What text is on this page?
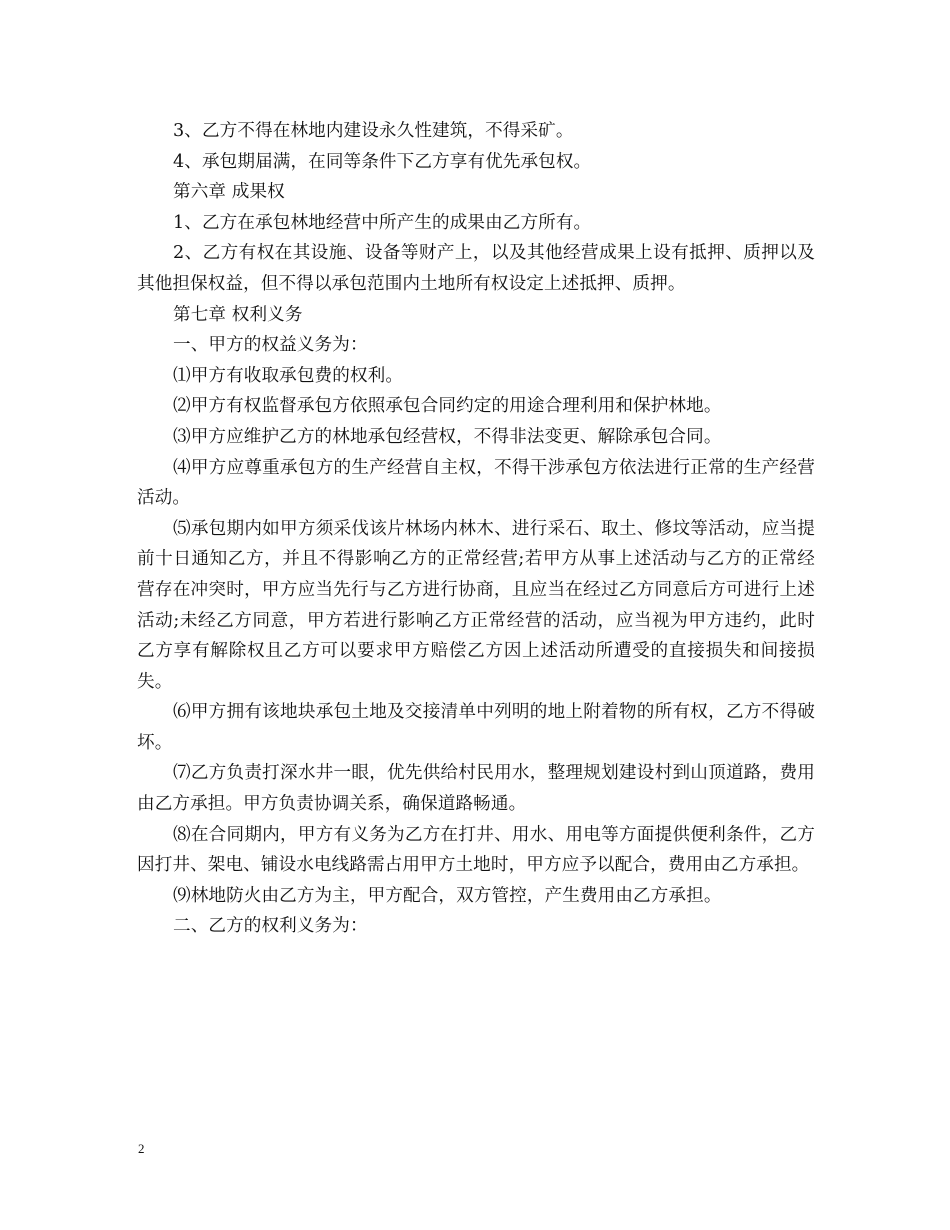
3、乙方不得在林地内建设永久性建筑，不得采矿。

4、承包期届满，在同等条件下乙方享有优先承包权。

第六章 成果权

1、乙方在承包林地经营中所产生的成果由乙方所有。

2、乙方有权在其设施、设备等财产上，以及其他经营成果上设有抵押、质押以及其他担保权益，但不得以承包范围内土地所有权设定上述抵押、质押。

第七章 权利义务

一、甲方的权益义务为：

⑴甲方有收取承包费的权利。

⑵甲方有权监督承包方依照承包合同约定的用途合理利用和保护林地。

⑶甲方应维护乙方的林地承包经营权，不得非法变更、解除承包合同。

⑷甲方应尊重承包方的生产经营自主权，不得干涉承包方依法进行正常的生产经营活动。

⑸承包期内如甲方须采伐该片林场内林木、进行采石、取土、修坟等活动，应当提前十日通知乙方，并且不得影响乙方的正常经营;若甲方从事上述活动与乙方的正常经营存在冲突时，甲方应当先行与乙方进行协商，且应当在经过乙方同意后方可进行上述活动;未经乙方同意，甲方若进行影响乙方正常经营的活动，应当视为甲方违约，此时乙方享有解除权且乙方可以要求甲方赔偿乙方因上述活动所遭受的直接损失和间接损失。

⑹甲方拥有该地块承包土地及交接清单中列明的地上附着物的所有权，乙方不得破坏。

⑺乙方负责打深水井一眼，优先供给村民用水，整理规划建设村到山顶道路，费用由乙方承担。甲方负责协调关系，确保道路畅通。

⑻在合同期内，甲方有义务为乙方在打井、用水、用电等方面提供便利条件，乙方因打井、架电、铺设水电线路需占用甲方土地时，甲方应予以配合，费用由乙方承担。

⑼林地防火由乙方为主，甲方配合，双方管控，产生费用由乙方承担。

二、乙方的权利义务为：

2
